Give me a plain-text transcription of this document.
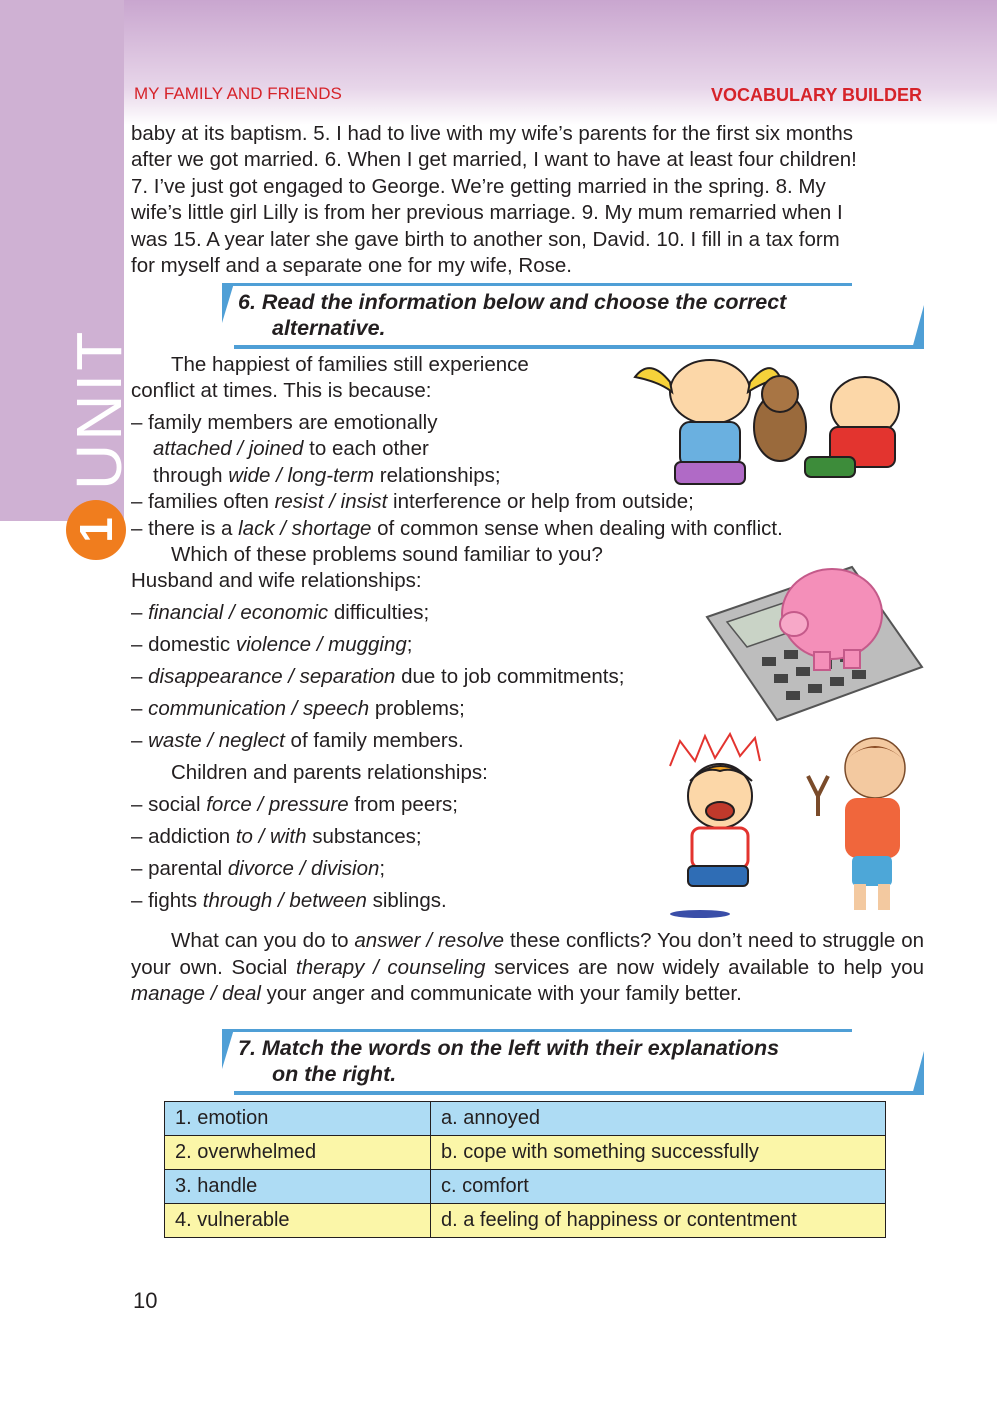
UNIT
1
MY FAMILY AND FRIENDS	VOCABULARY BUILDER
baby at its baptism. 5. I had to live with my wife’s parents for the first six months
after we got married. 6. When I get married, I want to have at least four children!
7. I’ve just got engaged to George. We’re getting married in the spring. 8. My
wife’s little girl Lilly is from her previous marriage. 9. My mum remarried when I
was 15. A year later she gave birth to another son, David. 10. I fill in a tax form
for myself and a separate one for my wife, Rose.
6. Read the information below and choose the correct
alternative.
The happiest of families still experience
conflict at times. This is because:
– family members are emotionally
attached / joined to each other
through wide / long-term relationships;
– families often resist / insist interference or help from outside;
– there is a lack / shortage of common sense when dealing with conflict.
Which of these problems sound familiar to you?
Husband and wife relationships:
– financial / economic difficulties;
– domestic violence / mugging;
– disappearance / separation due to job commitments;
– communication / speech problems;
– waste / neglect of family members.
Children and parents relationships:
– social force / pressure from peers;
– addiction to / with substances;
– parental divorce / division;
– fights through / between siblings.
What can you do to answer / resolve these conflicts? You don’t need to struggle on your own. Social therapy / counseling services are now widely available to help you manage / deal your anger and communicate with your family better.
7. Match the words on the left with their explanations
on the right.
1. emotion	a. annoyed
2. overwhelmed	b. cope with something successfully
3. handle	c. comfort
4. vulnerable	d. a feeling of happiness or contentment
10
